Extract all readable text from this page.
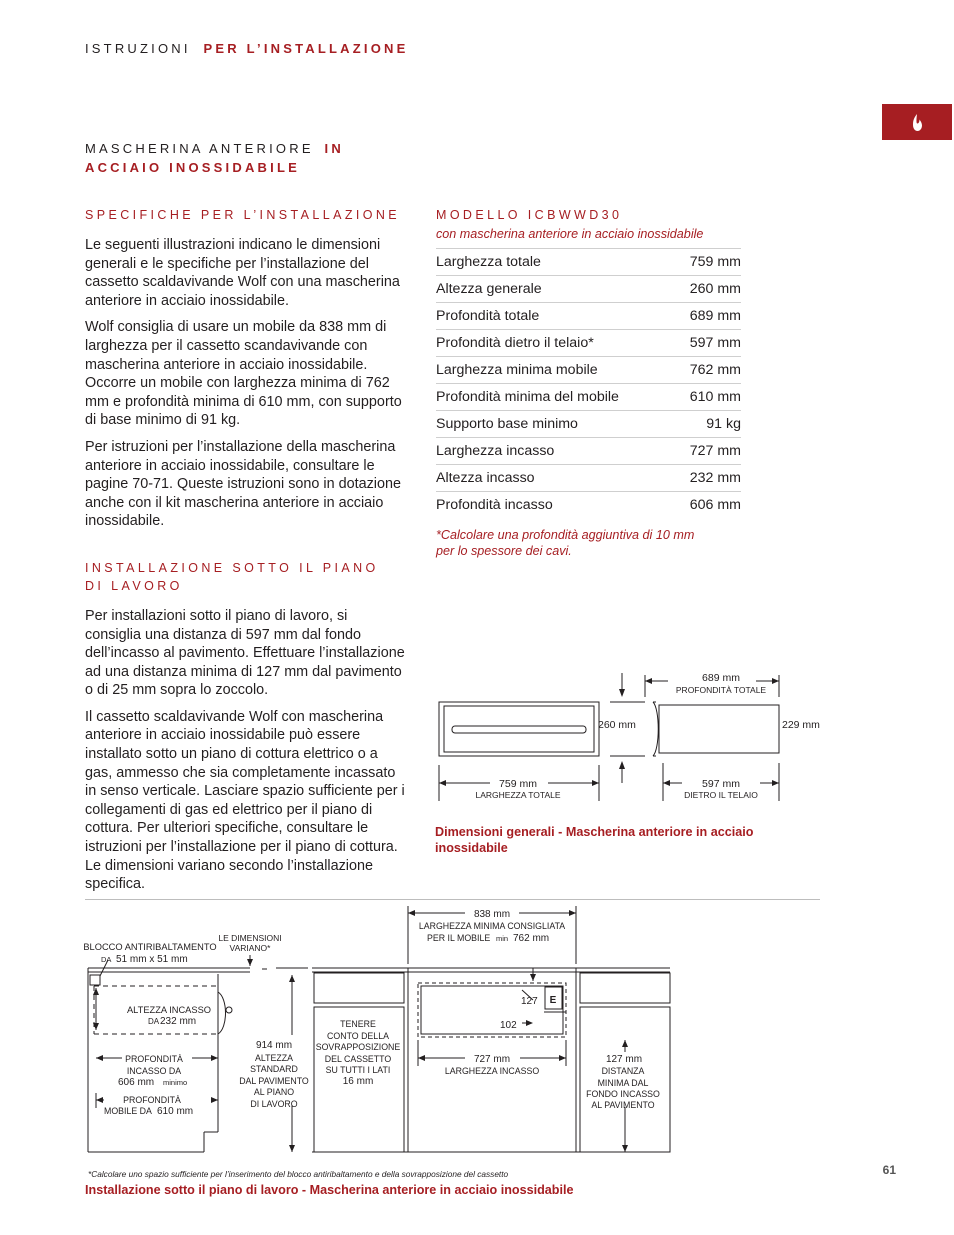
ISTRUZIONI PER L’INSTALLAZIONE
MASCHERINA ANTERIORE IN
ACCIAIO INOSSIDABILE
SPECIFICHE PER L’INSTALLAZIONE

Le seguenti illustrazioni indicano le dimensioni generali e le specifiche per l’installazione del cassetto scaldavivande Wolf con una mascherina anteriore in acciaio inossidabile.

Wolf consiglia di usare un mobile da 838 mm di larghezza per il cassetto scandavivande con mascherina anteriore in acciaio inossidabile. Occorre un mobile con larghezza minima di 762 mm e profondità minima di 610 mm, con supporto di base minimo di 91 kg.

Per istruzioni per l’installazione della mascherina anteriore in acciaio inossidabile, consultare le pagine 70-71. Queste istruzioni sono in dotazione anche con il kit mascherina anteriore in acciaio inossidabile.

INSTALLAZIONE SOTTO IL PIANO
DI LAVORO

Per installazioni sotto il piano di lavoro, si consiglia una distanza di 597 mm dal fondo dell’incasso al pavimento. Effettuare l’installazione ad una distanza minima di 127 mm dal pavimento o di 25 mm sopra lo zoccolo.

Il cassetto scaldavivande Wolf con mascherina anteriore in acciaio inossidabile può essere installato sotto un piano di cottura elettrico o a gas, ammesso che sia completamente incassato in senso verticale. Lasciare spazio sufficiente per i collegamenti di gas ed elettrico per il piano di cottura. Per ulteriori specifiche, consultare le istruzioni per l’installazione per il piano di cottura. Le dimensioni variano secondo l’installazione specifica.

MODELLO ICBWWD30
con mascherina anteriore in acciaio inossidabile
Larghezza totale	759 mm
Altezza generale	260 mm
Profondità totale	689 mm
Profondità dietro il telaio*	597 mm
Larghezza minima mobile	762 mm
Profondità minima del mobile	610 mm
Supporto base minimo	91 kg
Larghezza incasso	727 mm
Altezza incasso	232 mm
Profondità incasso	606 mm
*Calcolare una profondità aggiuntiva di 10 mm
per lo spessore dei cavi.
689 mm
PROFONDITÀ TOTALE
260 mm	229 mm
759 mm
LARGHEZZA TOTALE
597 mm
DIETRO IL TELAIO
Dimensioni generali - Mascherina anteriore in acciaio
inossidabile
BLOCCO ANTIRIBALTAMENTO
DA 51 mm x 51 mm
LE DIMENSIONI
VARIANO*
ALTEZZA INCASSO
DA 232 mm
PROFONDITÀ
INCASSO DA
606 mm minimo
PROFONDITÀ
MOBILE DA 610 mm
914 mm
ALTEZZA
STANDARD
DAL PAVIMENTO
AL PIANO
DI LAVORO
TENERE
CONTO DELLA
SOVRAPPOSIZIONE
DEL CASSETTO
SU TUTTI I LATI
16 mm
838 mm
LARGHEZZA MINIMA CONSIGLIATA
PER IL MOBILE min 762 mm
127
102
E
727 mm
LARGHEZZA INCASSO
127 mm
DISTANZA
MINIMA DAL
FONDO INCASSO
AL PAVIMENTO
*Calcolare uno spazio sufficiente per l’inserimento del blocco antiribaltamento e della sovrapposizione del cassetto
Installazione sotto il piano di lavoro - Mascherina anteriore in acciaio inossidabile
61
